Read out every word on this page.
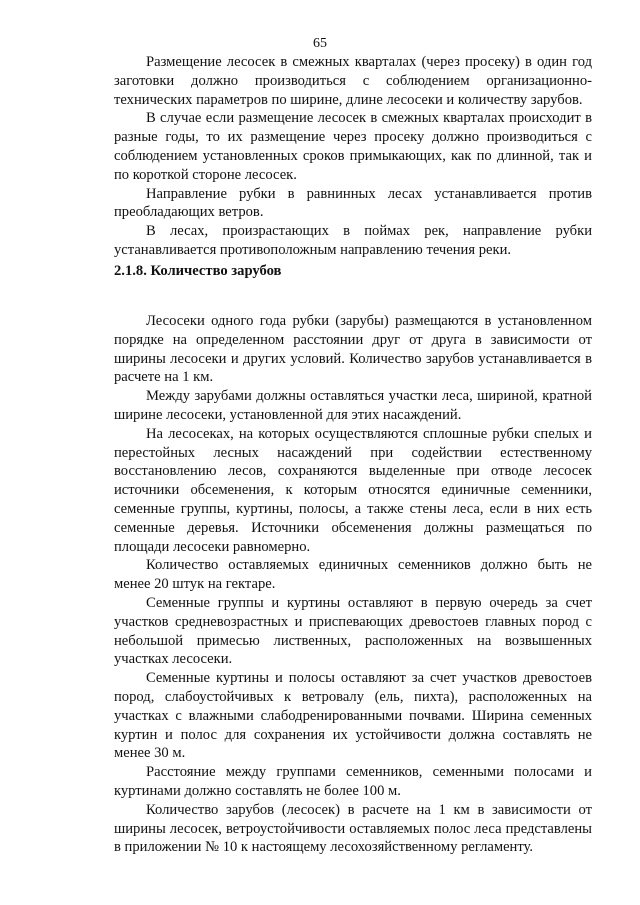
65

Размещение лесосек в смежных кварталах (через просеку) в один год заготовки должно производиться с соблюдением организационно-технических параметров по ширине, длине лесосеки и количеству зарубов.

В случае если размещение лесосек в смежных кварталах происходит в разные годы, то их размещение через просеку должно производиться с соблюдением установленных сроков примыкающих, как по длинной, так и по короткой стороне лесосек.

Направление рубки в равнинных лесах устанавливается против преобладающих ветров.

В лесах, произрастающих в поймах рек, направление рубки устанавливается противоположным направлению течения реки.

2.1.8. Количество зарубов

Лесосеки одного года рубки (зарубы) размещаются в установленном порядке на определенном расстоянии друг от друга в зависимости от ширины лесосеки и других условий. Количество зарубов устанавливается в расчете на 1 км.

Между зарубами должны оставляться участки леса, шириной, кратной ширине лесосеки, установленной для этих насаждений.

На лесосеках, на которых осуществляются сплошные рубки спелых и перестойных лесных насаждений при содействии естественному восстановлению лесов, сохраняются выделенные при отводе лесосек источники обсеменения, к которым относятся единичные семенники, семенные группы, куртины, полосы, а также стены леса, если в них есть семенные деревья. Источники обсеменения должны размещаться по площади лесосеки равномерно.

Количество оставляемых единичных семенников должно быть не менее 20 штук на гектаре.

Семенные группы и куртины оставляют в первую очередь за счет участков средневозрастных и приспевающих древостоев главных пород с небольшой примесью лиственных, расположенных на возвышенных участках лесосеки.

Семенные куртины и полосы оставляют за счет участков древостоев пород, слабоустойчивых к ветровалу (ель, пихта), расположенных на участках с влажными слабодренированными почвами. Ширина семенных куртин и полос для сохранения их устойчивости должна составлять не менее 30 м.

Расстояние между группами семенников, семенными полосами и куртинами должно составлять не более 100 м.

Количество зарубов (лесосек) в расчете на 1 км в зависимости от ширины лесосек, ветроустойчивости оставляемых полос леса представлены в приложении № 10 к настоящему лесохозяйственному регламенту.
